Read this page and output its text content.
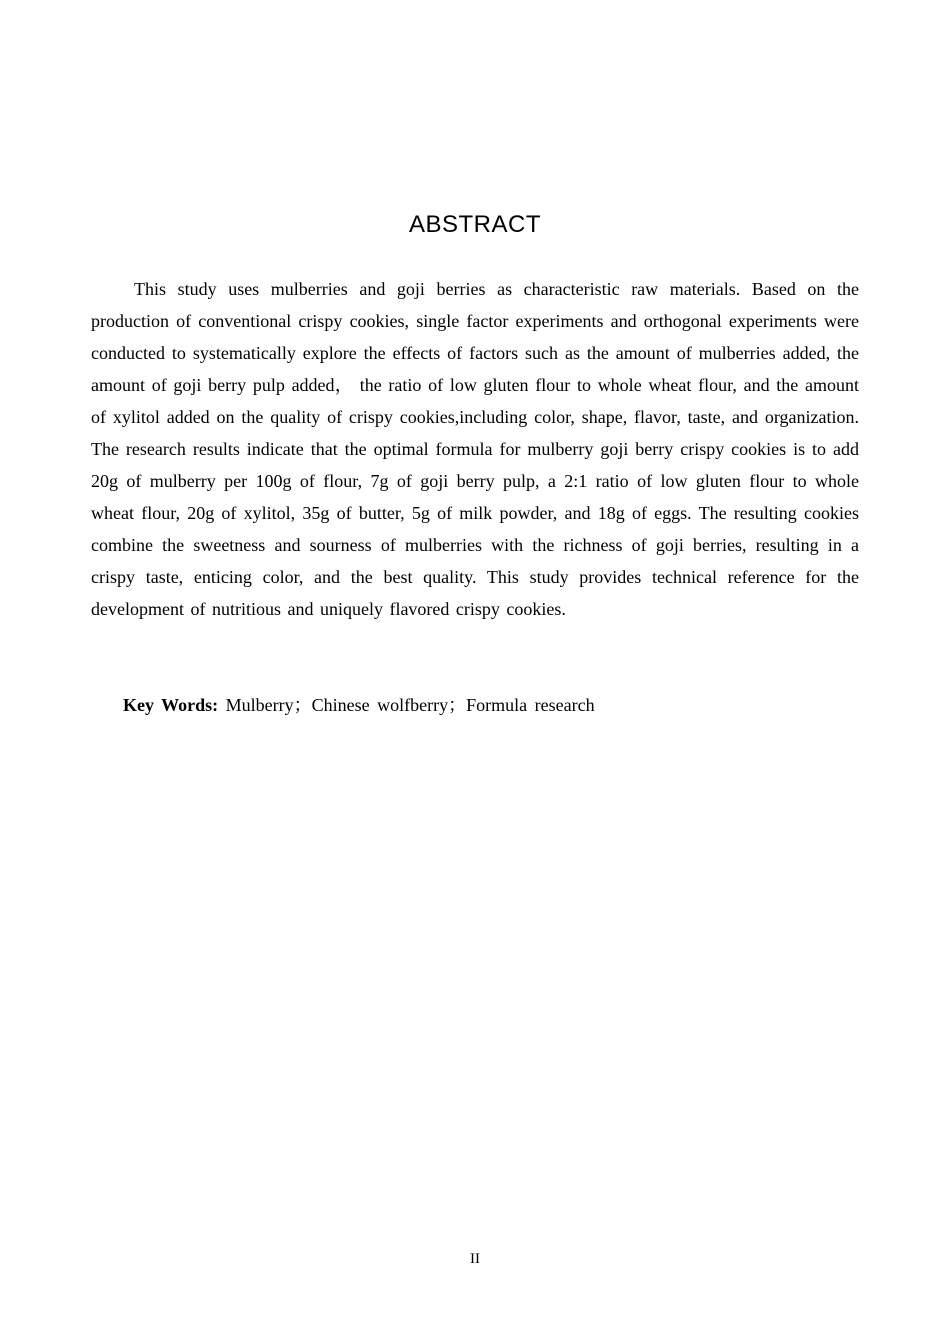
ABSTRACT

This study uses mulberries and goji berries as characteristic raw materials. Based on the production of conventional crispy cookies, single factor experiments and orthogonal experiments were conducted to systematically explore the effects of factors such as the amount of mulberries added, the amount of goji berry pulp added， the ratio of low gluten flour to whole wheat flour, and the amount of xylitol added on the quality of crispy cookies,including color, shape, flavor, taste, and organization. The research results indicate that the optimal formula for mulberry goji berry crispy cookies is to add 20g of mulberry per 100g of flour, 7g of goji berry pulp, a 2:1 ratio of low gluten flour to whole wheat flour, 20g of xylitol, 35g of butter, 5g of milk powder, and 18g of eggs. The resulting cookies combine the sweetness and sourness of mulberries with the richness of goji berries, resulting in a crispy taste, enticing color, and the best quality. This study provides technical reference for the development of nutritious and uniquely flavored crispy cookies.

Key Words: Mulberry；Chinese wolfberry；Formula research

II
